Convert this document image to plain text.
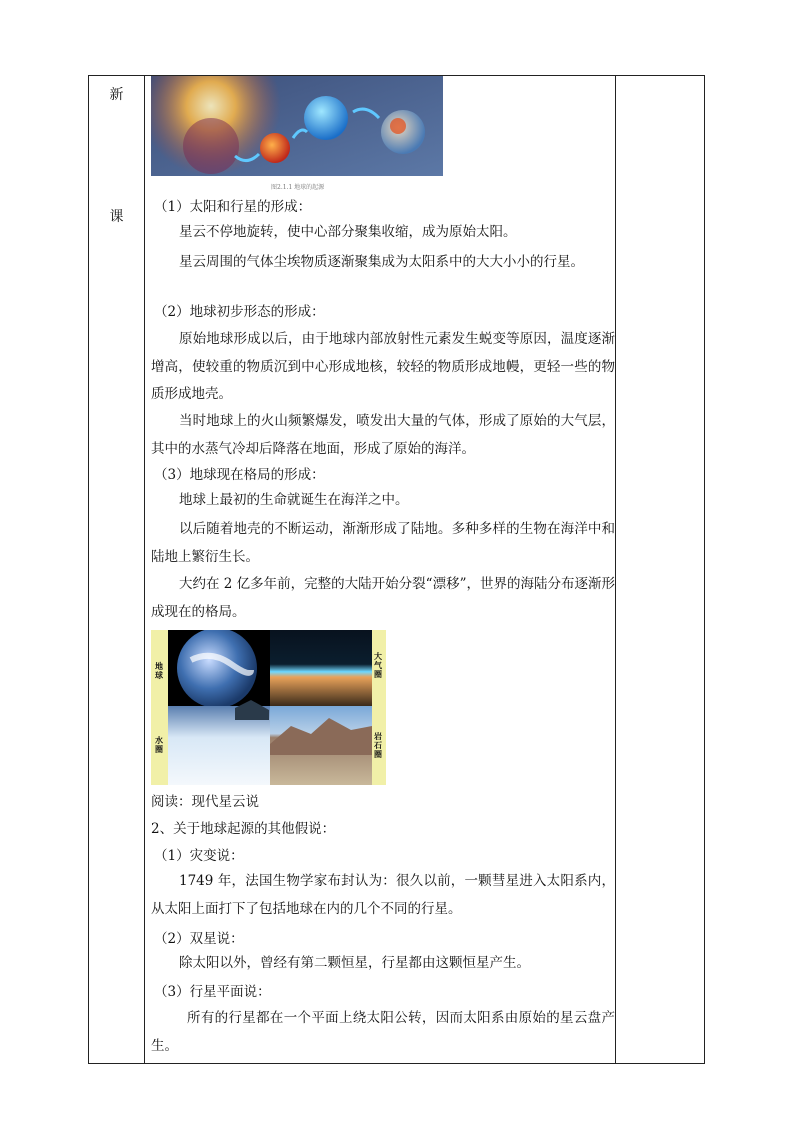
新
课
图2.1.1 地球的起源
（1）太阳和行星的形成：
星云不停地旋转，使中心部分聚集收缩，成为原始太阳。
星云周围的气体尘埃物质逐渐聚集成为太阳系中的大大小小的行星。
（2）地球初步形态的形成：
原始地球形成以后，由于地球内部放射性元素发生蜕变等原因，温度逐渐增高，使较重的物质沉到中心形成地核，较轻的物质形成地幔，更轻一些的物质形成地壳。
当时地球上的火山频繁爆发，喷发出大量的气体，形成了原始的大气层，其中的水蒸气冷却后降落在地面，形成了原始的海洋。
（3）地球现在格局的形成：
地球上最初的生命就诞生在海洋之中。
以后随着地壳的不断运动，渐渐形成了陆地。多种多样的生物在海洋中和陆地上繁衍生长。
大约在 2 亿多年前，完整的大陆开始分裂“漂移”，世界的海陆分布逐渐形成现在的格局。
地球
大气圈
水圈
岩石圈
阅读：现代星云说
2、关于地球起源的其他假说：
（1）灾变说：
1749 年，法国生物学家布封认为：很久以前，一颗彗星进入太阳系内，从太阳上面打下了包括地球在内的几个不同的行星。
（2）双星说：
除太阳以外，曾经有第二颗恒星，行星都由这颗恒星产生。
（3）行星平面说：
所有的行星都在一个平面上绕太阳公转，因而太阳系由原始的星云盘产生。
